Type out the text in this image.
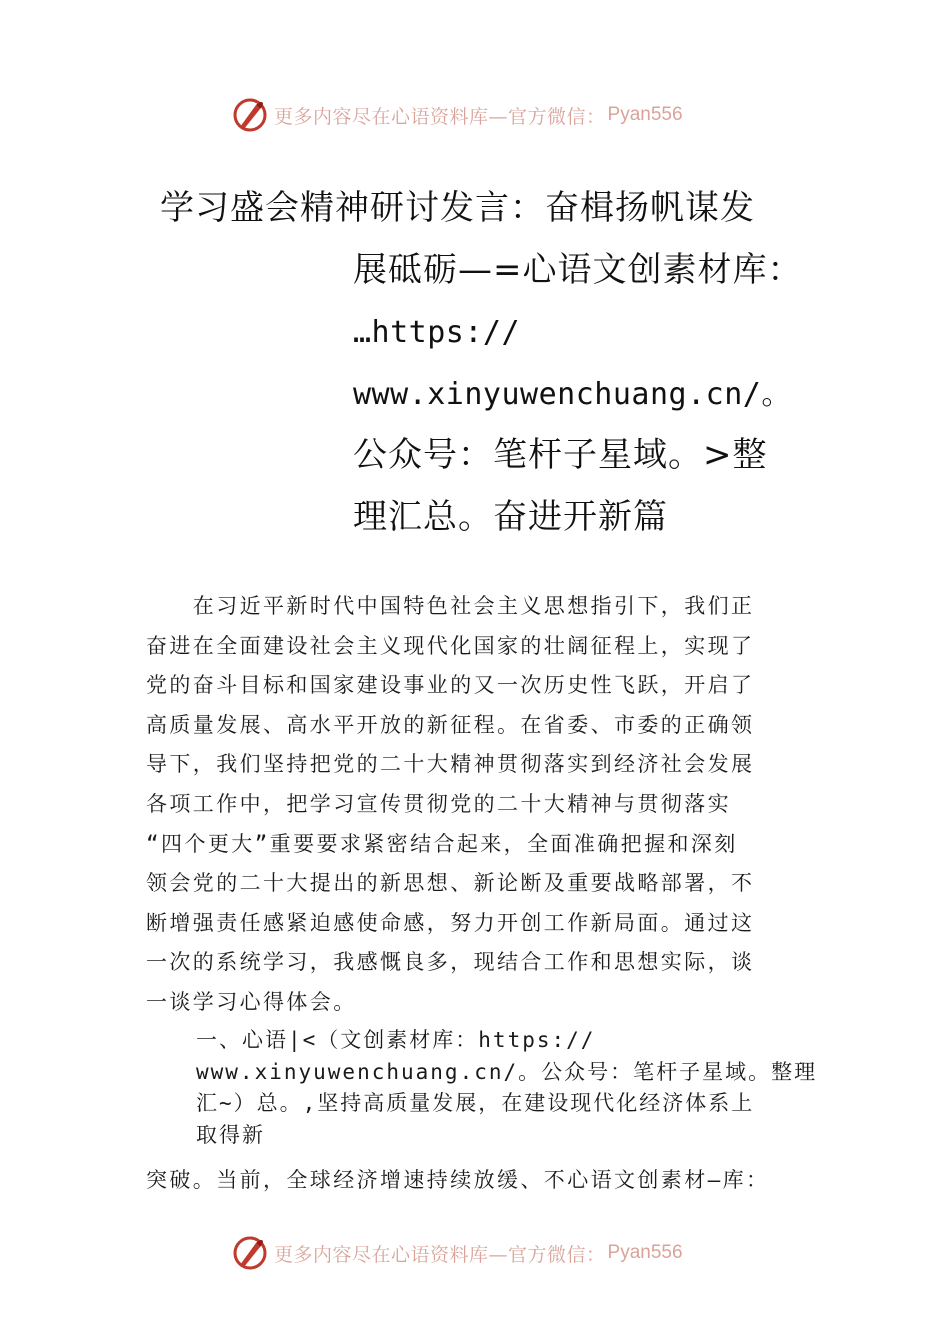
更多内容尽在心语资料库—官方微信： Pyan556
学习盛会精神研讨发言：奋楫扬帆谋发
展砥砺—=心语文创素材库：
…https://
www.xinyuwenchuang.cn/。
公众号：笔杆子星域。>整
理汇总。奋进开新篇
　　在习近平新时代中国特色社会主义思想指引下，我们正
奋进在全面建设社会主义现代化国家的壮阔征程上，实现了
党的奋斗目标和国家建设事业的又一次历史性飞跃，开启了
高质量发展、高水平开放的新征程。在省委、市委的正确领
导下，我们坚持把党的二十大精神贯彻落实到经济社会发展
各项工作中，把学习宣传贯彻党的二十大精神与贯彻落实
“四个更大”重要要求紧密结合起来，全面准确把握和深刻
领会党的二十大提出的新思想、新论断及重要战略部署，不
断增强责任感紧迫感使命感，努力开创工作新局面。通过这
一次的系统学习，我感慨良多，现结合工作和思想实际，谈
一谈学习心得体会。
一、心语|<（文创素材库：https://
www.xinyuwenchuang.cn/。公众号：笔杆子星域。整理
汇~）总。,坚持高质量发展，在建设现代化经济体系上
取得新
突破。当前，全球经济增速持续放缓、不心语文创素材—库：
更多内容尽在心语资料库—官方微信： Pyan556
